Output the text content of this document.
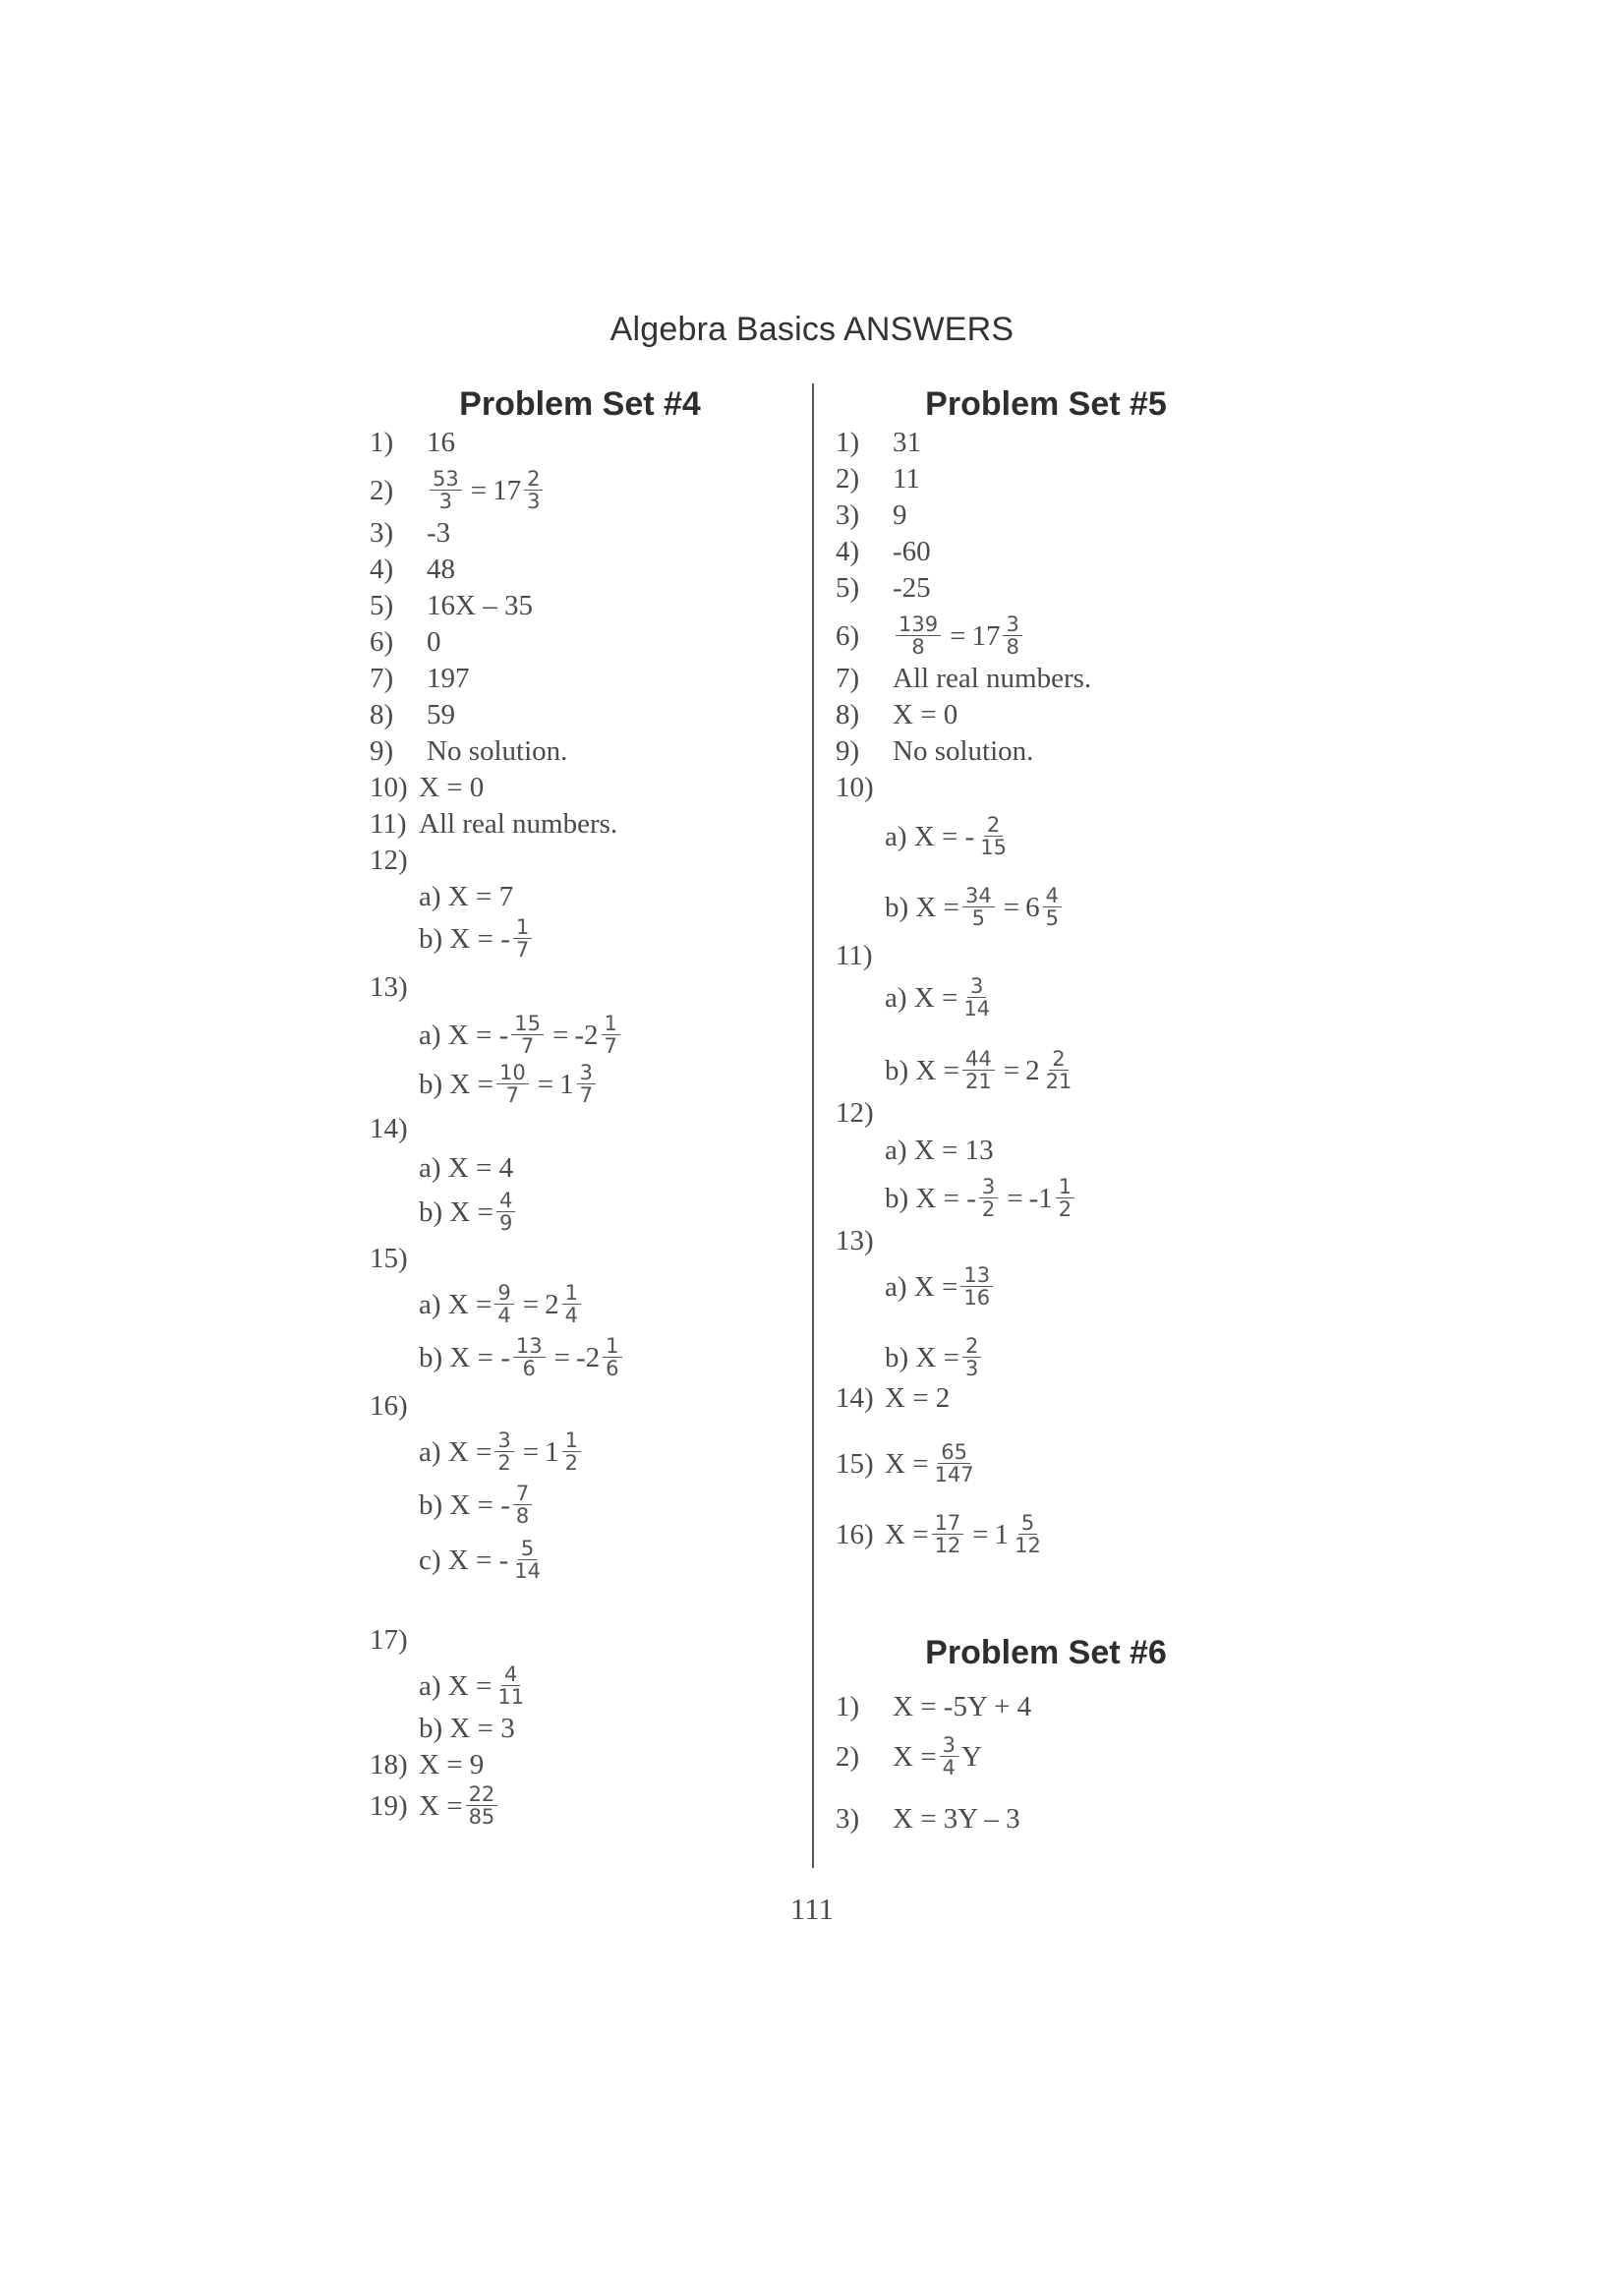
Algebra Basics ANSWERS
Problem Set #4
1)	16
2)	$\frac{53}{3} = 17 \frac{2}{3}$
3)	-3
4)	48
5)	16X – 35
6)	0
7)	197
8)	59
9)	No solution.
10) X = 0
11) All real numbers.
12)
a) X = 7
b) X = - $\frac{1}{7}$
13)
a) X = - $\frac{15}{7} = -2 \frac{1}{7}$
b) $X = \frac{10}{7} = 1 \frac{3}{7}$
14)
a) X = 4
b) $X = \frac{4}{9}$
15)
a) $X = \frac{9}{4} = 2 \frac{1}{4}$
b) X = - $\frac{13}{6} = -2 \frac{1}{6}$
16)
a) $X = \frac{3}{2} = 1 \frac{1}{2}$
b) X = - $\frac{7}{8}$
c) X = - $\frac{5}{14}$
17)
a) $X = \frac{4}{11}$
b) X = 3
18) X = 9
19) $X = \frac{22}{85}$
Problem Set #5
1)	31
2)	11
3)	9
4)	-60
5)	-25
6)	$\frac{139}{8} = 17 \frac{3}{8}$
7)	All real numbers.
8)	X = 0
9)	No solution.
10)
a) X = - $\frac{2}{15}$
b) $X = \frac{34}{5} = 6 \frac{4}{5}$
11)
a) $X = \frac{3}{14}$
b) $X = \frac{44}{21} = 2 \frac{2}{21}$
12)
a) X = 13
b) X = - $\frac{3}{2} = -1 \frac{1}{2}$
13)
a) $X = \frac{13}{16}$
b) $X = \frac{2}{3}$
14) X = 2
15) $X = \frac{65}{147}$
16) $X = \frac{17}{12} = 1 \frac{5}{12}$
Problem Set #6
1)	X = -5Y + 4
2)	$X = \frac{3}{4}$ Y
3)	X = 3Y – 3
111
